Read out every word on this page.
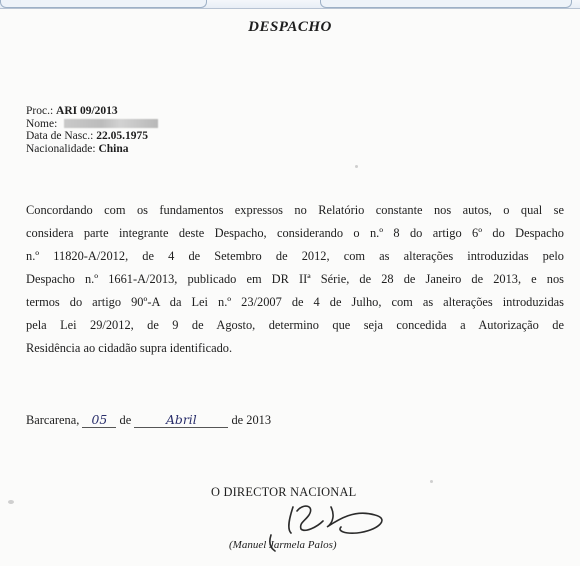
DESPACHO
Proc.: ARI 09/2013
Nome:
Data de Nasc.: 22.05.1975
Nacionalidade: China
Concordando com os fundamentos expressos no Relatório constante nos autos, o qual se
considera parte integrante deste Despacho, considerando o n.º 8 do artigo 6º do Despacho
n.º 11820-A/2012, de 4 de Setembro de 2012, com as alterações introduzidas pelo
Despacho n.º 1661-A/2013, publicado em DR IIª Série, de 28 de Janeiro de 2013, e nos
termos do artigo 90º-A da Lei n.º 23/2007 de 4 de Julho, com as alterações introduzidas
pela Lei 29/2012, de 9 de Agosto, determino que seja concedida a Autorização de
Residência ao cidadão supra identificado.
Barcarena, 05 de	Abril	de 2013
O DIRECTOR NACIONAL
(Manuel Jarmela Palos)
